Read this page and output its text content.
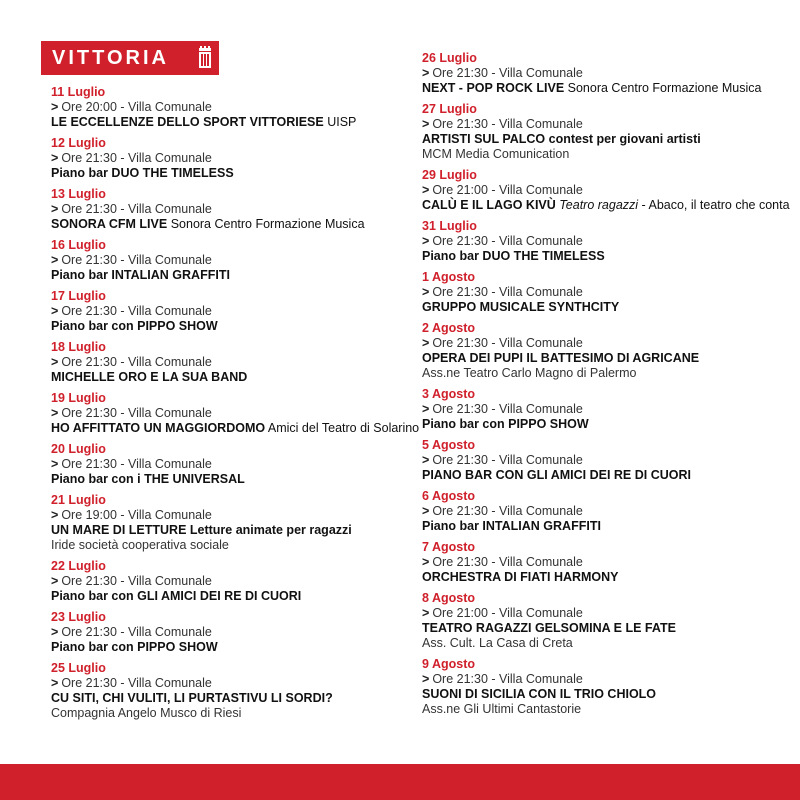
VITTORIA
11 Luglio
> Ore 20:00 - Villa Comunale
LE ECCELLENZE DELLO SPORT VITTORIESE UISP
12 Luglio
> Ore 21:30 - Villa Comunale
Piano bar DUO THE TIMELESS
13 Luglio
> Ore 21:30 - Villa Comunale
SONORA CFM LIVE Sonora Centro Formazione Musica
16 Luglio
> Ore 21:30 - Villa Comunale
Piano bar INTALIAN GRAFFITI
17 Luglio
> Ore 21:30 - Villa Comunale
Piano bar con PIPPO SHOW
18 Luglio
> Ore 21:30 - Villa Comunale
MICHELLE ORO E LA SUA BAND
19 Luglio
> Ore 21:30 - Villa Comunale
HO AFFITTATO UN MAGGIORDOMO Amici del Teatro di Solarino
20 Luglio
> Ore 21:30 - Villa Comunale
Piano bar con i THE UNIVERSAL
21 Luglio
> Ore 19:00 - Villa Comunale
UN MARE DI LETTURE Letture animate per ragazzi
Iride società cooperativa sociale
22 Luglio
> Ore 21:30 - Villa Comunale
Piano bar con GLI AMICI DEI RE DI CUORI
23 Luglio
> Ore 21:30 - Villa Comunale
Piano bar con PIPPO SHOW
25 Luglio
> Ore 21:30 - Villa Comunale
CU SITI, CHI VULITI, LI PURTASTIVU LI SORDI?
Compagnia Angelo Musco di Riesi
26 Luglio
> Ore 21:30 - Villa Comunale
NEXT - POP ROCK LIVE Sonora Centro Formazione Musica
27 Luglio
> Ore 21:30 - Villa Comunale
ARTISTI SUL PALCO contest per giovani artisti
MCM Media Comunication
29 Luglio
> Ore 21:00 - Villa Comunale
CALÙ E IL LAGO KIVÙ Teatro ragazzi - Abaco, il teatro che conta
31 Luglio
> Ore 21:30 - Villa Comunale
Piano bar DUO THE TIMELESS
1 Agosto
> Ore 21:30 - Villa Comunale
GRUPPO MUSICALE SYNTHCITY
2 Agosto
> Ore 21:30 - Villa Comunale
OPERA DEI PUPI IL BATTESIMO DI AGRICANE
Ass.ne Teatro Carlo Magno di Palermo
3 Agosto
> Ore 21:30 - Villa Comunale
Piano bar con PIPPO SHOW
5 Agosto
> Ore 21:30 - Villa Comunale
PIANO BAR CON GLI AMICI DEI RE DI CUORI
6 Agosto
> Ore 21:30 - Villa Comunale
Piano bar INTALIAN GRAFFITI
7 Agosto
> Ore 21:30 - Villa Comunale
ORCHESTRA DI FIATI HARMONY
8 Agosto
> Ore 21:00 - Villa Comunale
TEATRO RAGAZZI GELSOMINA E LE FATE
Ass. Cult. La Casa di Creta
9 Agosto
> Ore 21:30 - Villa Comunale
SUONI DI SICILIA CON IL TRIO CHIOLO
Ass.ne Gli Ultimi Cantastorie
